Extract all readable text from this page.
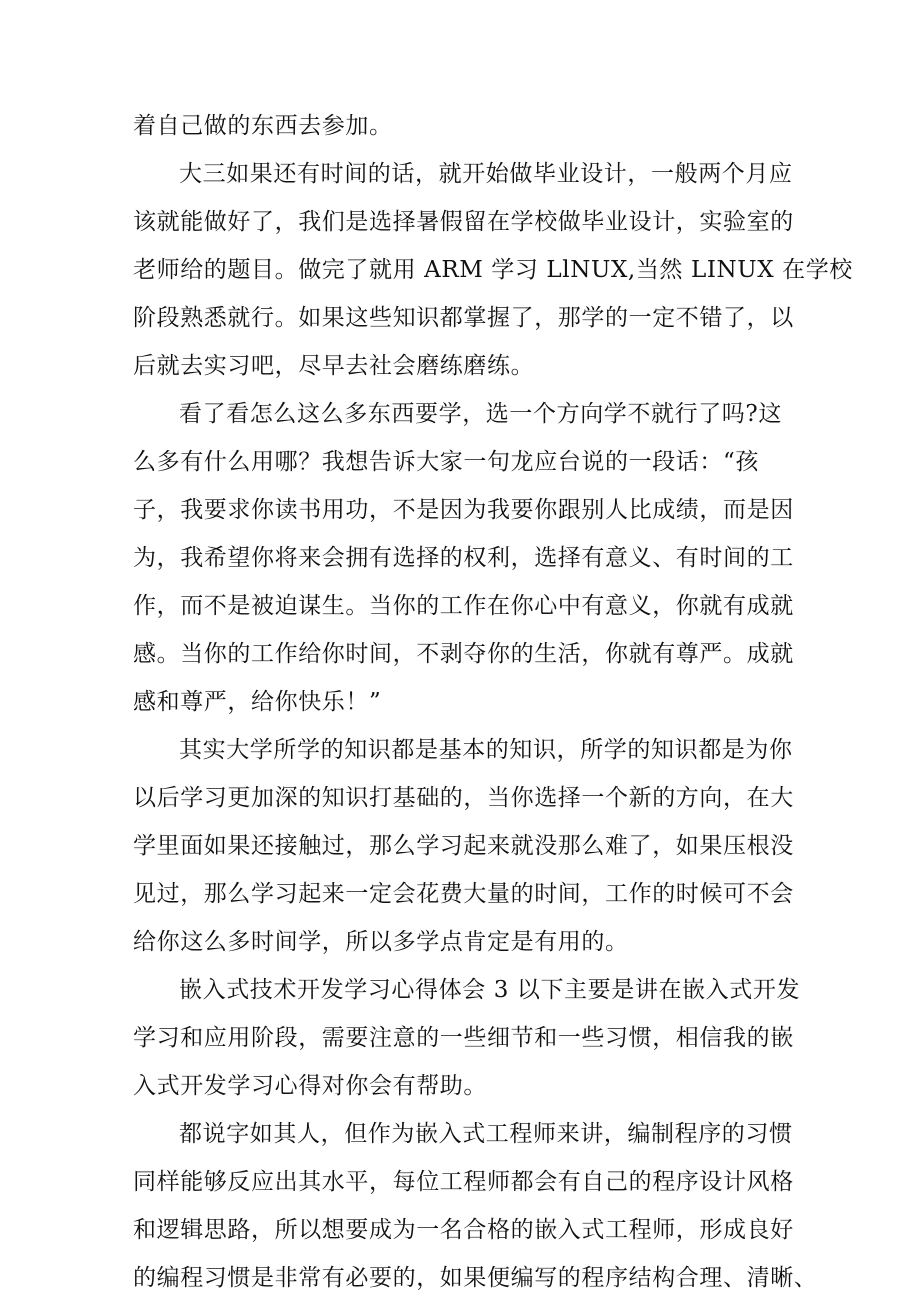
着自己做的东西去参加。
大三如果还有时间的话，就开始做毕业设计，一般两个月应
该就能做好了，我们是选择暑假留在学校做毕业设计，实验室的
老师给的题目。做完了就用 ARM 学习 LlNUX,当然 LINUX 在学校
阶段熟悉就行。如果这些知识都掌握了，那学的一定不错了，以
后就去实习吧，尽早去社会磨练磨练。
看了看怎么这么多东西要学，选一个方向学不就行了吗?这
么多有什么用哪？我想告诉大家一句龙应台说的一段话：“孩
子，我要求你读书用功，不是因为我要你跟别人比成绩，而是因
为，我希望你将来会拥有选择的权利，选择有意义、有时间的工
作，而不是被迫谋生。当你的工作在你心中有意义，你就有成就
感。当你的工作给你时间，不剥夺你的生活，你就有尊严。成就
感和尊严，给你快乐！”
其实大学所学的知识都是基本的知识，所学的知识都是为你
以后学习更加深的知识打基础的，当你选择一个新的方向，在大
学里面如果还接触过，那么学习起来就没那么难了，如果压根没
见过，那么学习起来一定会花费大量的时间，工作的时候可不会
给你这么多时间学，所以多学点肯定是有用的。
嵌入式技术开发学习心得体会 3 以下主要是讲在嵌入式开发
学习和应用阶段，需要注意的一些细节和一些习惯，相信我的嵌
入式开发学习心得对你会有帮助。
都说字如其人，但作为嵌入式工程师来讲，编制程序的习惯
同样能够反应出其水平，每位工程师都会有自己的程序设计风格
和逻辑思路，所以想要成为一名合格的嵌入式工程师，形成良好
的编程习惯是非常有必要的，如果便编写的程序结构合理、清晰、
